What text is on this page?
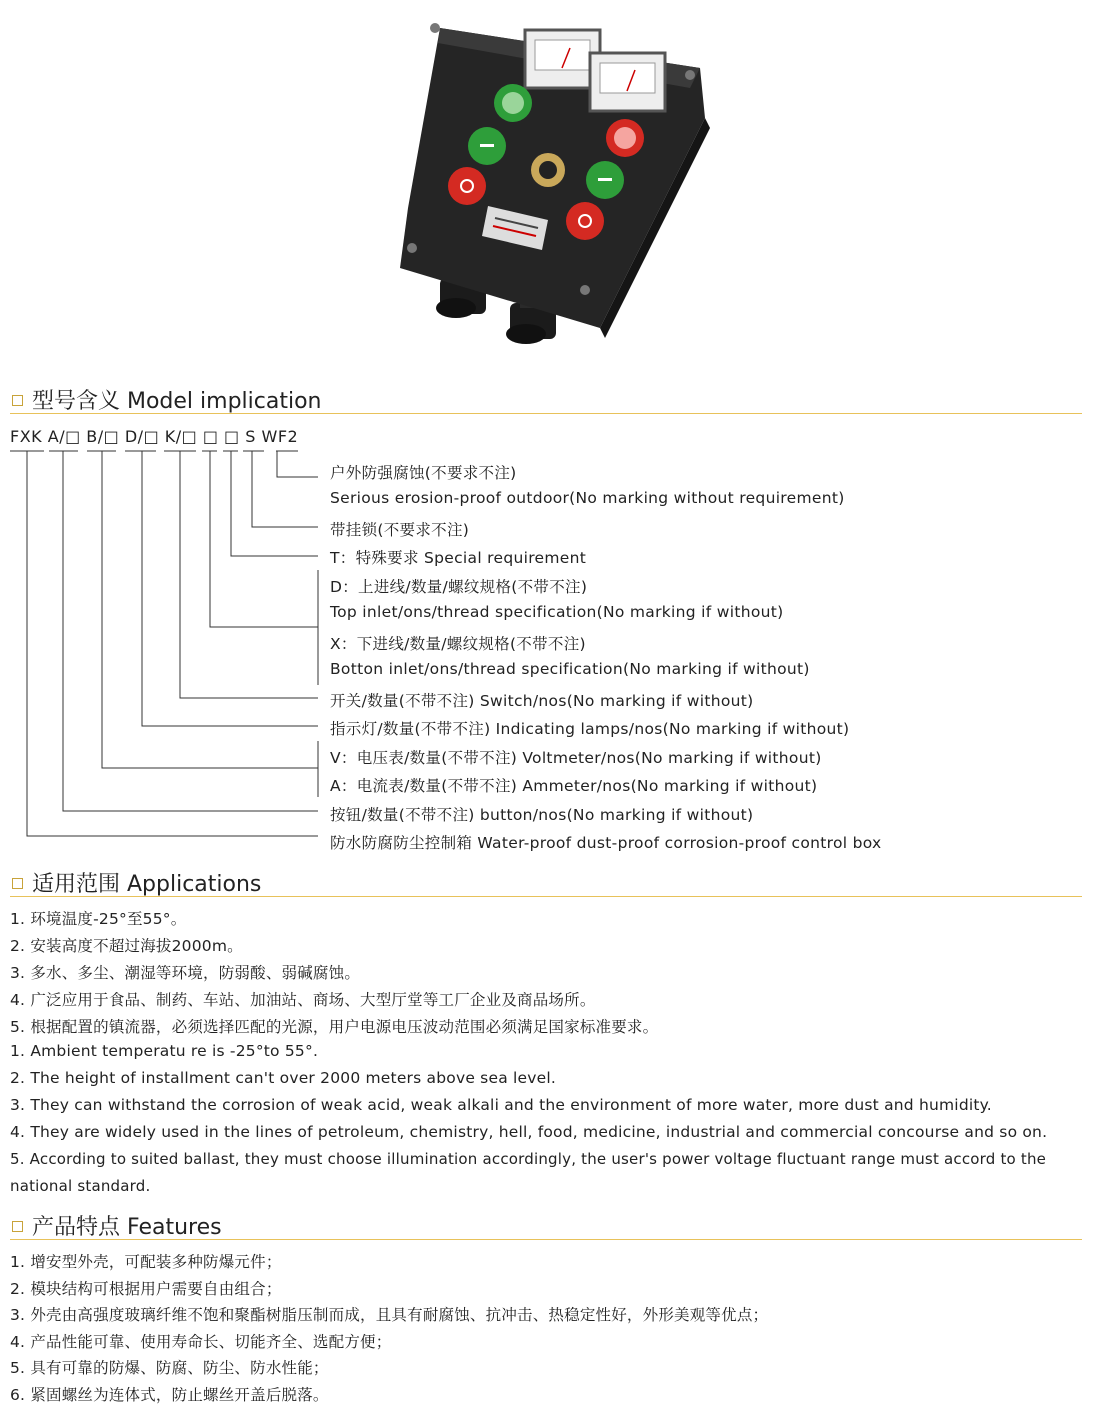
型号含义 Model implication
FXK A/□ B/□ D/□ K/□ □ □ S WF2
户外防强腐蚀(不要求不注)
Serious erosion-proof outdoor(No marking without requirement)
带挂锁(不要求不注)
T：特殊要求 Special requirement
D：上进线/数量/螺纹规格(不带不注)
Top inlet/ons/thread specification(No marking if without)
X：下进线/数量/螺纹规格(不带不注)
Botton inlet/ons/thread specification(No marking if without)
开关/数量(不带不注) Switch/nos(No marking if without)
指示灯/数量(不带不注) Indicating lamps/nos(No marking if without)
V：电压表/数量(不带不注) Voltmeter/nos(No marking if without)
A：电流表/数量(不带不注) Ammeter/nos(No marking if without)
按钮/数量(不带不注) button/nos(No marking if without)
防水防腐防尘控制箱 Water-proof dust-proof corrosion-proof control box
适用范围 Applications
1. 环境温度-25°至55°。
2. 安装高度不超过海拔2000m。
3. 多水、多尘、潮湿等环境，防弱酸、弱碱腐蚀。
4. 广泛应用于食品、制药、车站、加油站、商场、大型厅堂等工厂企业及商品场所。
5. 根据配置的镇流器，必须选择匹配的光源，用户电源电压波动范围必须满足国家标准要求。
1. Ambient temperatu re is -25°to 55°.
2. The height of installment can't over 2000 meters above sea level.
3. They can withstand the corrosion of weak acid, weak alkali and the environment of more water, more dust and humidity.
4. They are widely used in the lines of petroleum, chemistry, hell, food, medicine, industrial and commercial concourse and so on.
5. According to suited ballast, they must choose illumination accordingly, the user's power voltage fluctuant range must accord to the national standard.
产品特点 Features
1. 增安型外壳，可配装多种防爆元件；
2. 模块结构可根据用户需要自由组合；
3. 外壳由高强度玻璃纤维不饱和聚酯树脂压制而成，且具有耐腐蚀、抗冲击、热稳定性好，外形美观等优点；
4. 产品性能可靠、使用寿命长、切能齐全、选配方便；
5. 具有可靠的防爆、防腐、防尘、防水性能；
6. 紧固螺丝为连体式，防止螺丝开盖后脱落。
